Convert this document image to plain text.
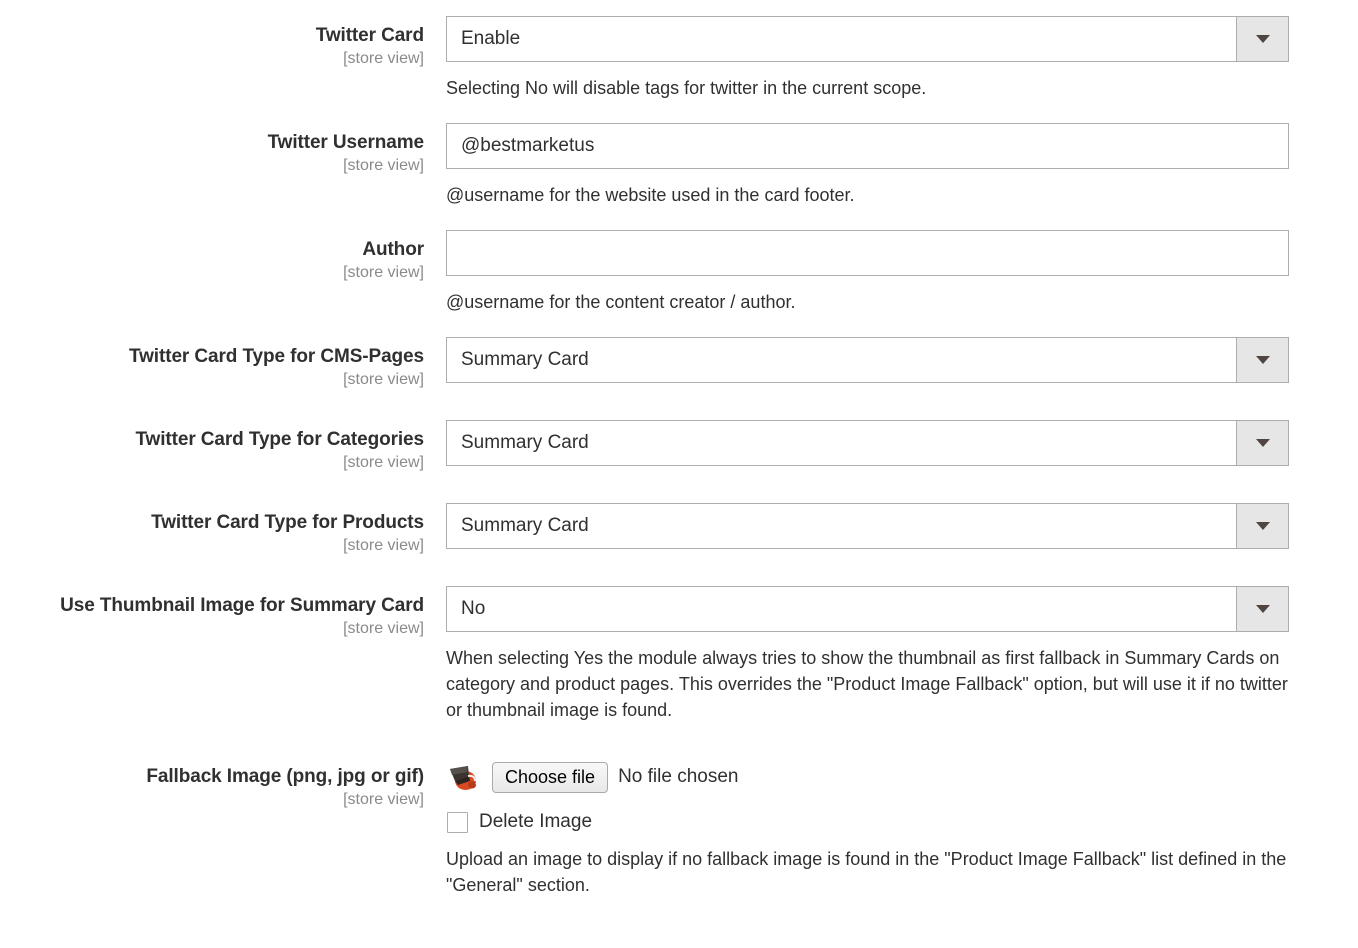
Twitter Card
[store view]
Enable
Selecting No will disable tags for twitter in the current scope.
Twitter Username
[store view]
@bestmarketus
@username for the website used in the card footer.
Author
[store view]
@username for the content creator / author.
Twitter Card Type for CMS-Pages
[store view]
Summary Card
Twitter Card Type for Categories
[store view]
Summary Card
Twitter Card Type for Products
[store view]
Summary Card
Use Thumbnail Image for Summary Card
[store view]
No
When selecting Yes the module always tries to show the thumbnail as first fallback in Summary Cards on category and product pages. This overrides the "Product Image Fallback" option, but will use it if no twitter or thumbnail image is found.
Fallback Image (png, jpg or gif)
[store view]
Choose file	No file chosen
Delete Image
Upload an image to display if no fallback image is found in the "Product Image Fallback" list defined in the "General" section.
